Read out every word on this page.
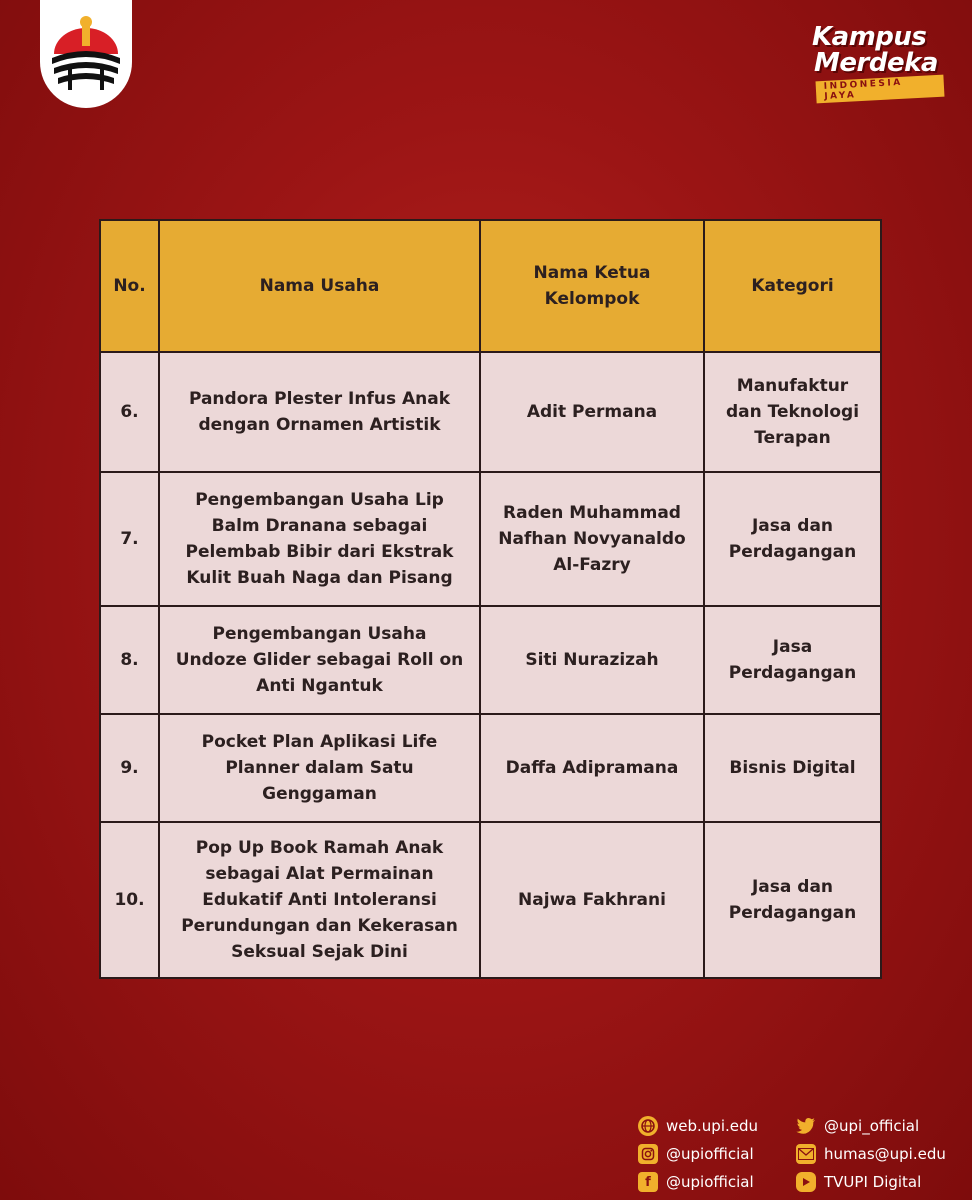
Kampus
Merdeka
INDONESIA JAYA
No.	Nama Usaha	Nama Ketua Kelompok	Kategori
6.	Pandora Plester Infus Anak dengan Ornamen Artistik	Adit Permana	Manufaktur dan Teknologi Terapan

7.	Pengembangan Usaha Lip Balm Dranana sebagai Pelembab Bibir dari Ekstrak Kulit Buah Naga dan Pisang	Raden Muhammad Nafhan Novyanaldo Al-Fazry	Jasa dan Perdagangan

8.	Pengembangan Usaha Undoze Glider sebagai Roll on Anti Ngantuk	Siti Nurazizah	Jasa Perdagangan

9.	Pocket Plan Aplikasi Life Planner dalam Satu Genggaman	Daffa Adipramana	Bisnis Digital
10.	Pop Up Book Ramah Anak sebagai Alat Permainan Edukatif Anti Intoleransi Perundungan dan Kekerasan Seksual Sejak Dini	Najwa Fakhrani	Jasa dan Perdagangan
web.upi.edu
@upiofficial
f	@upiofficial
@upi_official
humas@upi.edu
TVUPI Digital
